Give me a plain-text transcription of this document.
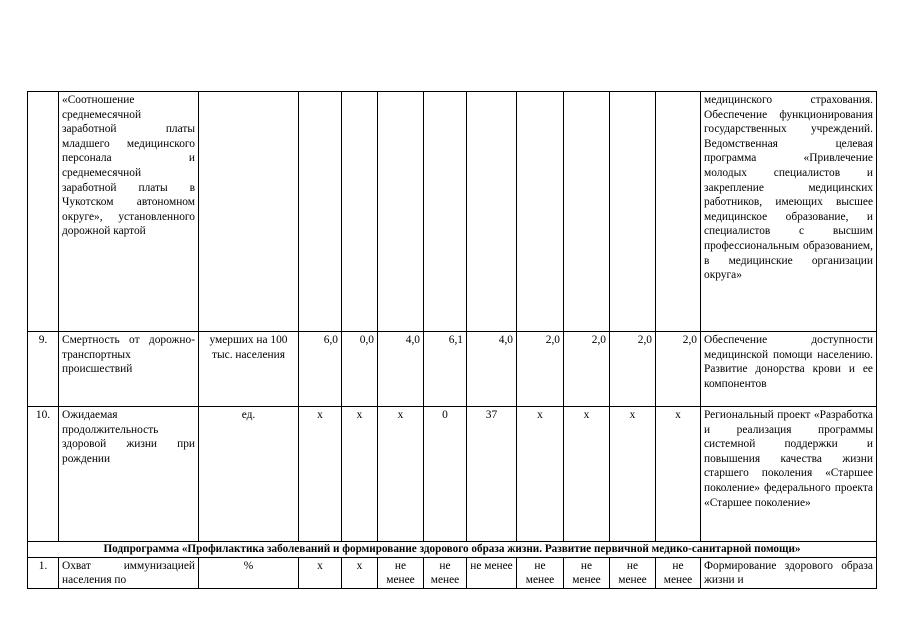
	«Соотношение среднемесячной заработной платы младшего медицинского персонала и среднемесячной заработной платы в Чукотском автономном округе», установленного дорожной картой											медицинского страхования. Обеспечение функционирования государственных учреждений. Ведомственная целевая программа «Привлечение молодых специалистов и закрепление медицинских работников, имеющих высшее медицинское образование, и специалистов с высшим профессиональным образованием, в медицинские организации округа»
9.	Смертность от дорожно-транспортных происшествий	умерших на 100 тыс. населения	6,0	0,0	4,0	6,1	4,0	2,0	2,0	2,0	2,0	Обеспечение доступности медицинской помощи населению. Развитие донорства крови и ее компонентов
10.	Ожидаемая продолжительность здоровой жизни при рождении	ед.	х	х	х	0	37	х	х	х	х	Региональный проект «Разработка и реализация программы системной поддержки и повышения качества жизни старшего поколения «Старшее поколение» федерального проекта «Старшее поколение»
Подпрограмма «Профилактика заболеваний и формирование здорового образа жизни. Развитие первичной медико-санитарной помощи»												
1.	Охват иммунизацией населения по	%	х	х	не менее	не менее	не менее	не менее	не менее	не менее	не менее	Формирование здорового образа жизни и
